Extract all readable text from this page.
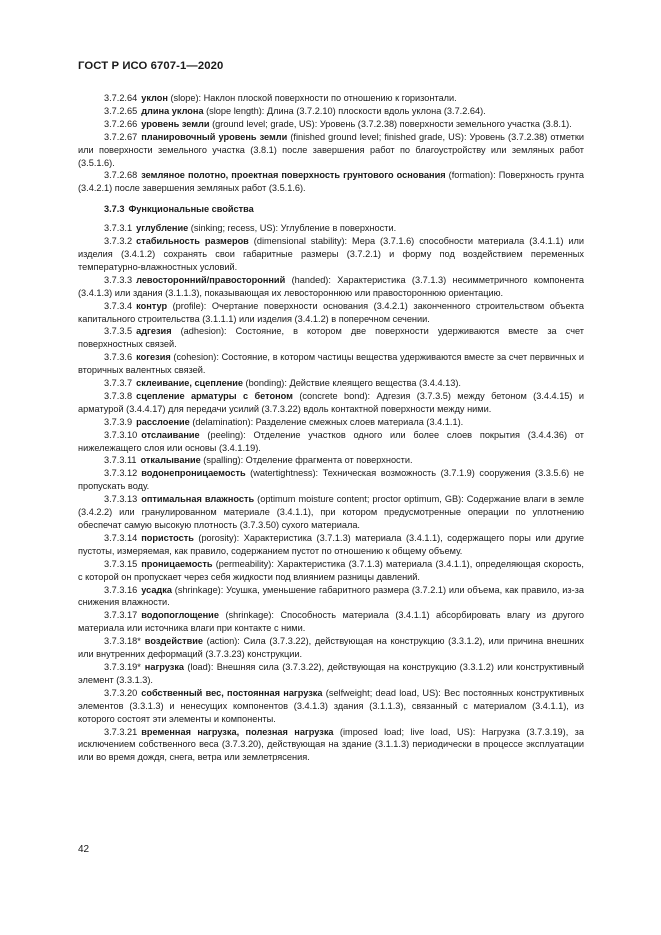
ГОСТ Р ИСО 6707-1—2020

3.7.2.64 уклон (slope): Наклон плоской поверхности по отношению к горизонтали.

3.7.2.65 длина уклона (slope length): Длина (3.7.2.10) плоскости вдоль уклона (3.7.2.64).

3.7.2.66 уровень земли (ground level; grade, US): Уровень (3.7.2.38) поверхности земельного участка (3.8.1).

3.7.2.67 планировочный уровень земли (finished ground level; finished grade, US): Уровень (3.7.2.38) отметки или поверхности земельного участка (3.8.1) после завершения работ по благоустройству или земляных работ (3.5.1.6).

3.7.2.68 земляное полотно, проектная поверхность грунтового основания (formation): Поверхность грунта (3.4.2.1) после завершения земляных работ (3.5.1.6).

3.7.3 Функциональные свойства

3.7.3.1 углубление (sinking; recess, US): Углубление в поверхности.

3.7.3.2 стабильность размеров (dimensional stability): Мера (3.7.1.6) способности материала (3.4.1.1) или изделия (3.4.1.2) сохранять свои габаритные размеры (3.7.2.1) и форму под воздействием переменных температурно-влажностных условий.

3.7.3.3 левосторонний/правосторонний (handed): Характеристика (3.7.1.3) несимметричного компонента (3.4.1.3) или здания (3.1.1.3), показывающая их левостороннюю или правостороннюю ориентацию.

3.7.3.4 контур (profile): Очертание поверхности основания (3.4.2.1) законченного строительством объекта капитального строительства (3.1.1.1) или изделия (3.4.1.2) в поперечном сечении.

3.7.3.5 адгезия (adhesion): Состояние, в котором две поверхности удерживаются вместе за счет поверхностных связей.

3.7.3.6 когезия (cohesion): Состояние, в котором частицы вещества удерживаются вместе за счет первичных и вторичных валентных связей.

3.7.3.7 склеивание, сцепление (bonding): Действие клеящего вещества (3.4.4.13).

3.7.3.8 сцепление арматуры с бетоном (concrete bond): Адгезия (3.7.3.5) между бетоном (3.4.4.15) и арматурой (3.4.4.17) для передачи усилий (3.7.3.22) вдоль контактной поверхности между ними.

3.7.3.9 расслоение (delamination): Разделение смежных слоев материала (3.4.1.1).

3.7.3.10 отслаивание (peeling): Отделение участков одного или более слоев покрытия (3.4.4.36) от нижележащего слоя или основы (3.4.1.19).

3.7.3.11 откалывание (spalling): Отделение фрагмента от поверхности.

3.7.3.12 водонепроницаемость (watertightness): Техническая возможность (3.7.1.9) сооружения (3.3.5.6) не пропускать воду.

3.7.3.13 оптимальная влажность (optimum moisture content; proctor optimum, GB): Содержание влаги в земле (3.4.2.2) или гранулированном материале (3.4.1.1), при котором предусмотренные операции по уплотнению обеспечат самую высокую плотность (3.7.3.50) сухого материала.

3.7.3.14 пористость (porosity): Характеристика (3.7.1.3) материала (3.4.1.1), содержащего поры или другие пустоты, измеряемая, как правило, содержанием пустот по отношению к общему объему.

3.7.3.15 проницаемость (permeability): Характеристика (3.7.1.3) материала (3.4.1.1), определяющая скорость, с которой он пропускает через себя жидкости под влиянием разницы давлений.

3.7.3.16 усадка (shrinkage): Усушка, уменьшение габаритного размера (3.7.2.1) или объема, как правило, из-за снижения влажности.

3.7.3.17 водопоглощение (shrinkage): Способность материала (3.4.1.1) абсорбировать влагу из другого материала или источника влаги при контакте с ними.

3.7.3.18* воздействие (action): Сила (3.7.3.22), действующая на конструкцию (3.3.1.2), или причина внешних или внутренних деформаций (3.7.3.23) конструкции.

3.7.3.19* нагрузка (load): Внешняя сила (3.7.3.22), действующая на конструкцию (3.3.1.2) или конструктивный элемент (3.3.1.3).

3.7.3.20 собственный вес, постоянная нагрузка (selfweight; dead load, US): Вес постоянных конструктивных элементов (3.3.1.3) и ненесущих компонентов (3.4.1.3) здания (3.1.1.3), связанный с материалом (3.4.1.1), из которого состоят эти элементы и компоненты.

3.7.3.21 временная нагрузка, полезная нагрузка (imposed load; live load, US): Нагрузка (3.7.3.19), за исключением собственного веса (3.7.3.20), действующая на здание (3.1.1.3) периодически в процессе эксплуатации или во время дождя, снега, ветра или землетрясения.

42
